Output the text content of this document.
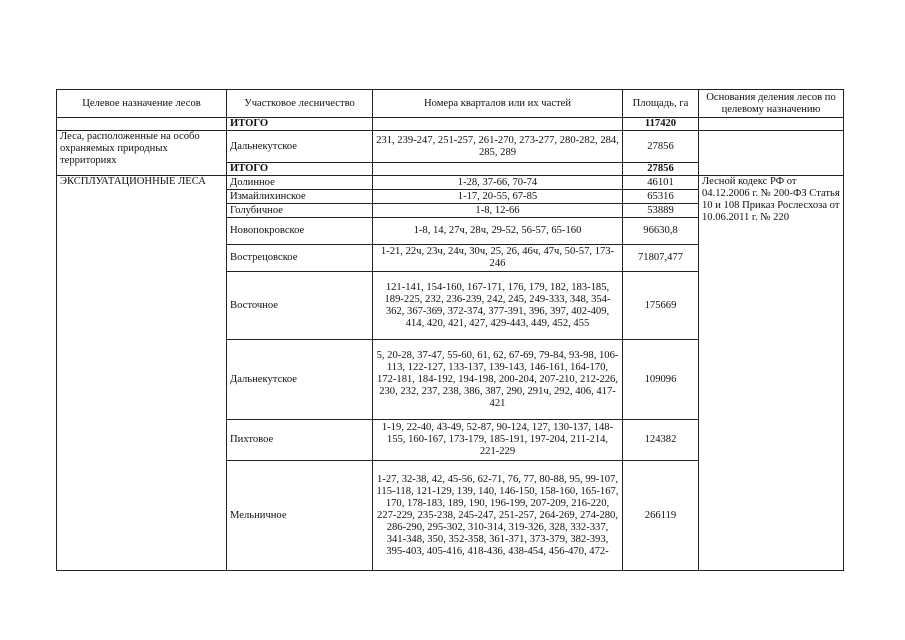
Целевое назначение лесов	Участковое лесничество	Номера кварталов или их частей	Площадь, га	Основания деления лесов по целевому назначению
	ИТОГО		117420	
Леса, расположенные на особо охраняемых природных территориях	Дальнекутское	231, 239-247, 251-257, 261-270, 273-277, 280-282, 284, 285, 289	27856	
	ИТОГО		27856	
ЭКСПЛУАТАЦИОННЫЕ ЛЕСА	Долинное	1-28, 37-66, 70-74	46101	Лесной кодекс РФ от 04.12.2006 г. № 200-ФЗ Статья 10 и 108 Приказ Рослесхоза от 10.06.2011 г. № 220
	Измайлихинское	1-17, 20-55, 67-85	65316	
	Голубичное	1-8, 12-66	53889	
	Новопокровское	1-8, 14, 27ч, 28ч, 29-52, 56-57, 65-160	96630,8	
	Вострецовское	1-21, 22ч, 23ч, 24ч, 30ч, 25, 26, 46ч, 47ч, 50-57, 173-246	71807,477	
	Восточное	121-141, 154-160, 167-171, 176, 179, 182, 183-185, 189-225, 232, 236-239, 242, 245, 249-333, 348, 354-362, 367-369, 372-374, 377-391, 396, 397, 402-409, 414, 420, 421, 427, 429-443, 449, 452, 455	175669	
	Дальнекутское	5, 20-28, 37-47, 55-60, 61, 62, 67-69, 79-84, 93-98, 106-113, 122-127, 133-137, 139-143, 146-161, 164-170, 172-181, 184-192, 194-198, 200-204, 207-210, 212-226, 230, 232, 237, 238, 386, 387, 290, 291ч, 292, 406, 417-421	109096	
	Пихтовое	1-19, 22-40, 43-49, 52-87, 90-124, 127, 130-137, 148-155, 160-167, 173-179, 185-191, 197-204, 211-214, 221-229	124382	
	Мельничное	1-27, 32-38, 42, 45-56, 62-71, 76, 77, 80-88, 95, 99-107, 115-118, 121-129, 139, 140, 146-150, 158-160, 165-167, 170, 178-183, 189, 190, 196-199, 207-209, 216-220, 227-229, 235-238, 245-247, 251-257, 264-269, 274-280, 286-290, 295-302, 310-314, 319-326, 328, 332-337, 341-348, 350, 352-358, 361-371, 373-379, 382-393, 395-403, 405-416, 418-436, 438-454, 456-470, 472-	266119	
